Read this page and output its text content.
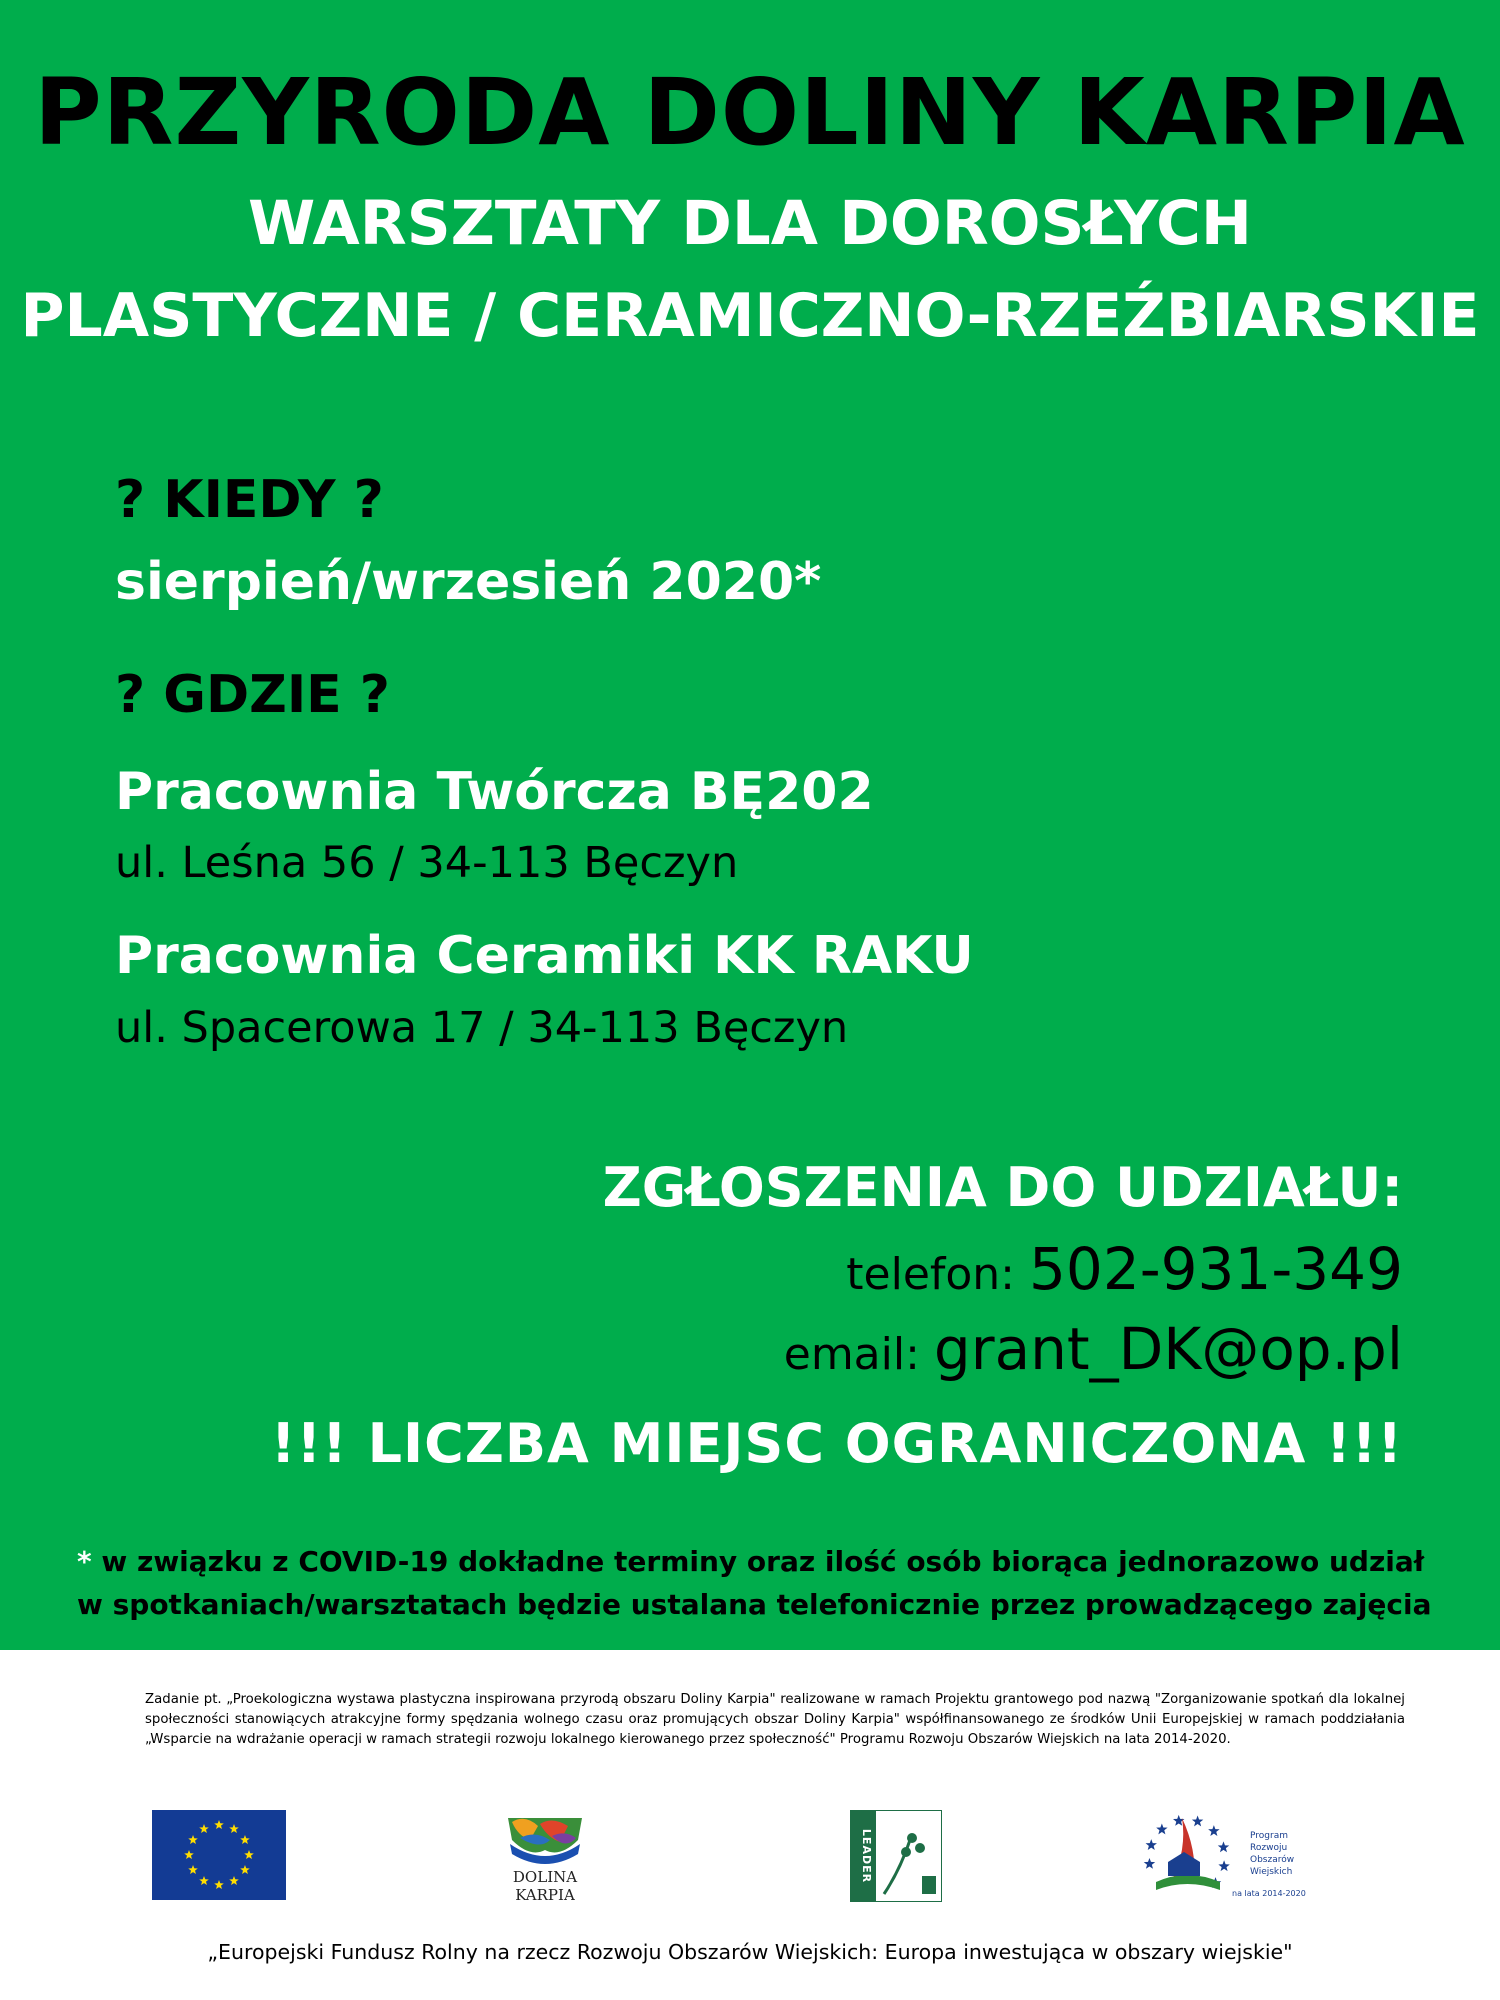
PRZYRODA DOLINY KARPIA
WARSZTATY DLA DOROSŁYCH
PLASTYCZNE / CERAMICZNO-RZEŹBIARSKIE
? KIEDY ?
sierpień/wrzesień 2020*
? GDZIE ?
Pracownia Twórcza BĘ202
ul. Leśna 56 / 34-113 Bęczyn
Pracownia Ceramiki KK RAKU
ul. Spacerowa 17 / 34-113 Bęczyn
ZGŁOSZENIA DO UDZIAŁU:
telefon: 502-931-349
email: grant_DK@op.pl
!!! LICZBA MIEJSC OGRANICZONA !!!
* w związku z COVID-19 dokładne terminy oraz ilość osób biorąca jednorazowo udział
w spotkaniach/warsztatach będzie ustalana telefonicznie przez prowadzącego zajęcia
Zadanie pt. „Proekologiczna wystawa plastyczna inspirowana przyrodą obszaru Doliny Karpia" realizowane w ramach Projektu grantowego pod nazwą "Zorganizowanie spotkań dla lokalnej społeczności stanowiących atrakcyjne formy spędzania wolnego czasu oraz promujących obszar Doliny Karpia" współfinansowanego ze środków Unii Europejskiej w ramach poddziałania „Wsparcie na wdrażanie operacji w ramach strategii rozwoju lokalnego kierowanego przez społeczność" Programu Rozwoju Obszarów Wiejskich na lata 2014-2020.
DOLINA
KARPIA
LEADER	Program
Rozwoju
Obszarów
Wiejskich
na lata 2014-2020
„Europejski Fundusz Rolny na rzecz Rozwoju Obszarów Wiejskich: Europa inwestująca w obszary wiejskie"
